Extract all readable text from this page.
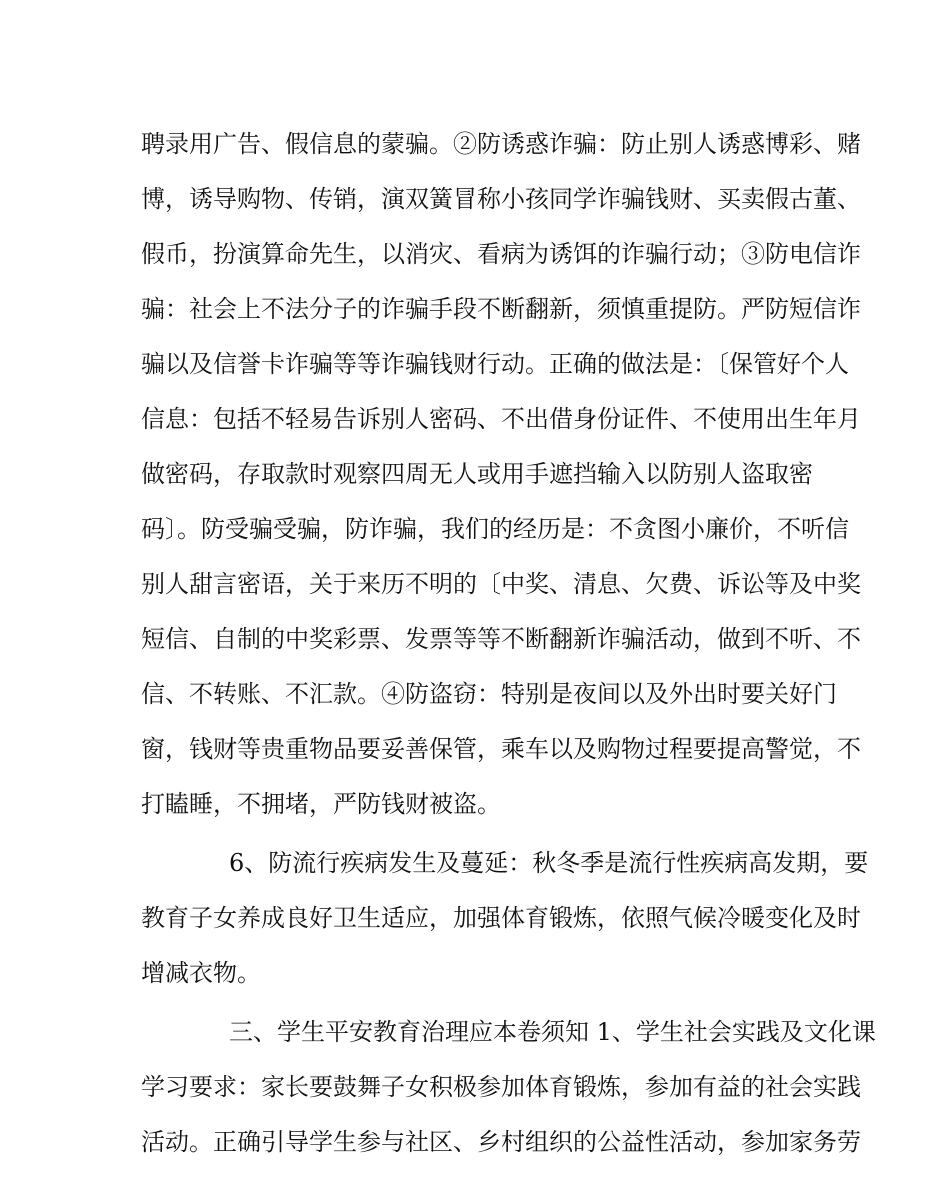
聘录用广告、假信息的蒙骗。②防诱惑诈骗：防止别人诱惑博彩、赌
博，诱导购物、传销，演双簧冒称小孩同学诈骗钱财、买卖假古董、
假币，扮演算命先生，以消灾、看病为诱饵的诈骗行动；③防电信诈
骗：社会上不法分子的诈骗手段不断翻新，须慎重提防。严防短信诈
骗以及信誉卡诈骗等等诈骗钱财行动。正确的做法是：〔保管好个人
信息：包括不轻易告诉别人密码、不出借身份证件、不使用出生年月
做密码，存取款时观察四周无人或用手遮挡输入以防别人盗取密
码〕。防受骗受骗，防诈骗，我们的经历是：不贪图小廉价，不听信
别人甜言密语，关于来历不明的〔中奖、清息、欠费、诉讼等及中奖
短信、自制的中奖彩票、发票等等不断翻新诈骗活动，做到不听、不
信、不转账、不汇款。④防盗窃：特别是夜间以及外出时要关好门
窗，钱财等贵重物品要妥善保管，乘车以及购物过程要提高警觉，不
打瞌睡，不拥堵，严防钱财被盗。
6、防流行疾病发生及蔓延：秋冬季是流行性疾病高发期，要
教育子女养成良好卫生适应，加强体育锻炼，依照气候冷暖变化及时
增减衣物。
三、学生平安教育治理应本卷须知 1、学生社会实践及文化课
学习要求：家长要鼓舞子女积极参加体育锻炼，参加有益的社会实践
活动。正确引导学生参与社区、乡村组织的公益性活动，参加家务劳
